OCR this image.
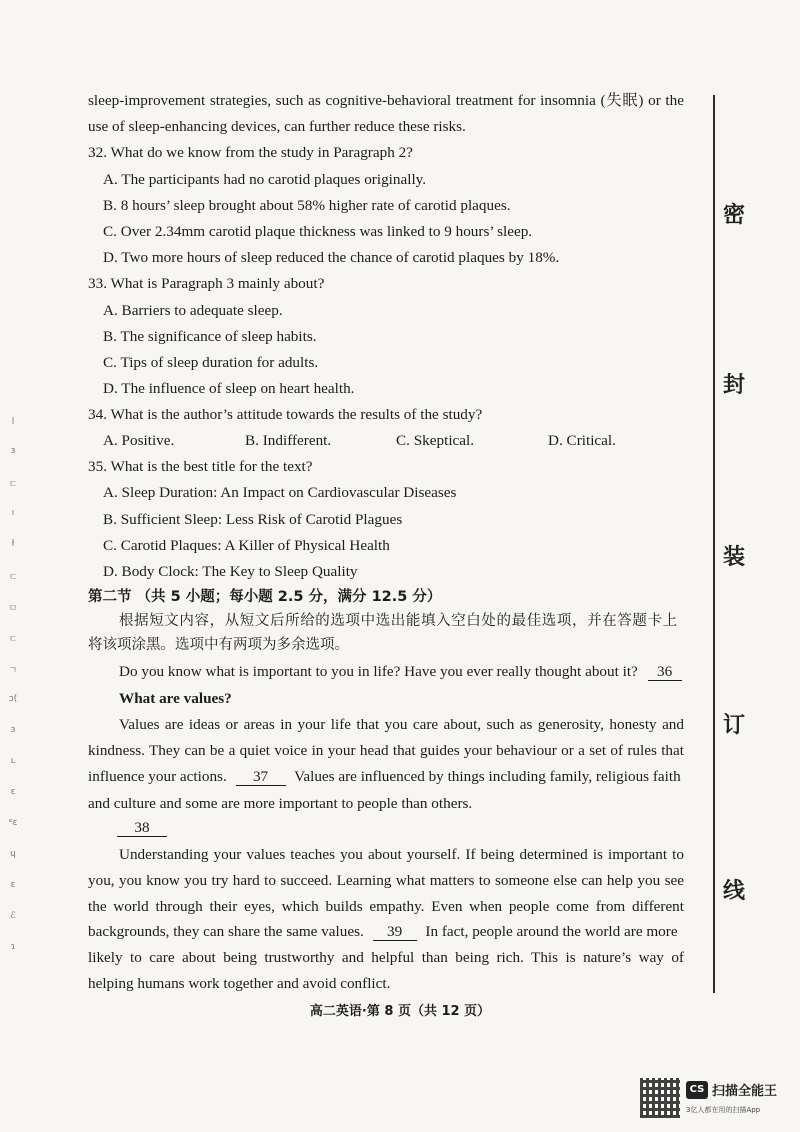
sleep-improvement strategies, such as cognitive-behavioral treatment for insomnia (失眠) or the
use of sleep-enhancing devices, can further reduce these risks.
32. What do we know from the study in Paragraph 2?
A. The participants had no carotid plaques originally.
B. 8 hours’ sleep brought about 58% higher rate of carotid plaques.
C. Over 2.34mm carotid plaque thickness was linked to 9 hours’ sleep.
D. Two more hours of sleep reduced the chance of carotid plaques by 18%.
33. What is Paragraph 3 mainly about?
A. Barriers to adequate sleep.
B. The significance of sleep habits.
C. Tips of sleep duration for adults.
D. The influence of sleep on heart health.
34. What is the author’s attitude towards the results of the study?
A. Positive.	B. Indifferent.	C. Skeptical.	D. Critical.
35. What is the best title for the text?
A. Sleep Duration: An Impact on Cardiovascular Diseases
B. Sufficient Sleep: Less Risk of Carotid Plagues
C. Carotid Plaques: A Killer of Physical Health
D. Body Clock: The Key to Sleep Quality
第二节 （共 5 小题；每小题 2.5 分，满分 12.5 分）
根据短文内容，从短文后所给的选项中选出能填入空白处的最佳选项，并在答题卡上
将该项涂黑。选项中有两项为多余选项。
Do you know what is important to you in life? Have you ever really thought about it? 36
What are values?
Values are ideas or areas in your life that you care about, such as generosity, honesty and
kindness. They can be a quiet voice in your head that guides your behaviour or a set of rules that
influence your actions. 37 Values are influenced by things including family, religious faith
and culture and some are more important to people than others.
38
Understanding your values teaches you about yourself. If being determined is important to
you, you know you try hard to succeed. Learning what matters to someone else can help you see
the world through their eyes, which builds empathy. Even when people come from different
backgrounds, they can share the same values. 39 In fact, people around the world are more
likely to care about being trustworthy and helpful than being rich. This is nature’s way of
helping humans work together and avoid conflict.
密
封
装
订
线
ꞁ
ɜ
ㄷ
ı
ł
ㄷ
ㅁ
ㄷ
ㄱ
ɔ(
ɜ
ʟ
ɛ
ᵉɛ
ɥ
ɛ
ℰ
ɿ
高二英语·第 8 页（共 12 页）
CS 扫描全能王
3亿人都在用的扫描App
